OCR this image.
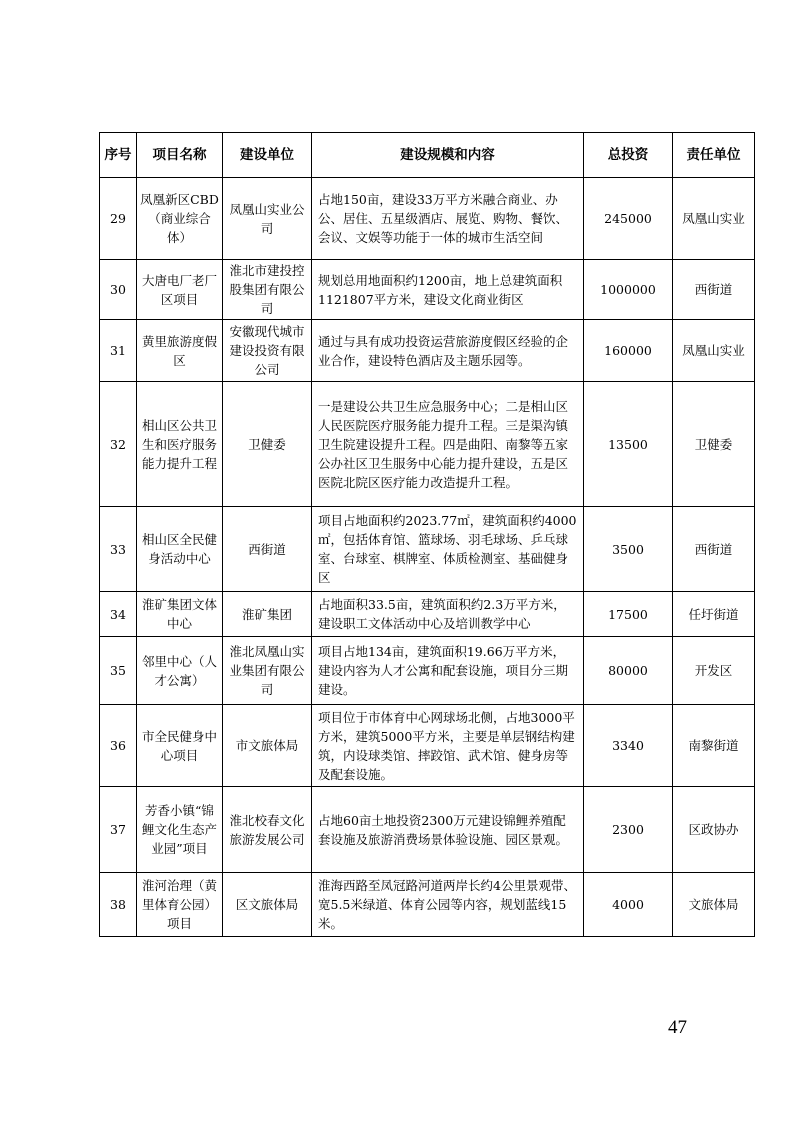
序号	项目名称	建设单位	建设规模和内容	总投资	责任单位
29	凤凰新区CBD（商业综合体）	凤凰山实业公司	占地150亩，建设33万平方米融合商业、办公、居住、五星级酒店、展览、购物、餐饮、会议、文娱等功能于一体的城市生活空间	245000	凤凰山实业
30	大唐电厂老厂区项目	淮北市建投控股集团有限公司	规划总用地面积约1200亩，地上总建筑面积1121807平方米，建设文化商业街区	1000000	西街道
31	黄里旅游度假区	安徽现代城市建设投资有限公司	通过与具有成功投资运营旅游度假区经验的企业合作，建设特色酒店及主题乐园等。	160000	凤凰山实业
32	相山区公共卫生和医疗服务能力提升工程	卫健委	一是建设公共卫生应急服务中心；二是相山区人民医院医疗服务能力提升工程。三是渠沟镇卫生院建设提升工程。四是曲阳、南黎等五家公办社区卫生服务中心能力提升建设，五是区医院北院区医疗能力改造提升工程。	13500	卫健委
33	相山区全民健身活动中心	西街道	项目占地面积约2023.77㎡，建筑面积约4000㎡，包括体育馆、篮球场、羽毛球场、乒乓球室、台球室、棋牌室、体质检测室、基础健身区	3500	西街道
34	淮矿集团文体中心	淮矿集团	占地面积33.5亩，建筑面积约2.3万平方米，建设职工文体活动中心及培训教学中心	17500	任圩街道
35	邻里中心（人才公寓）	淮北凤凰山实业集团有限公司	项目占地134亩，建筑面积19.66万平方米，建设内容为人才公寓和配套设施，项目分三期建设。	80000	开发区
36	市全民健身中心项目	市文旅体局	项目位于市体育中心网球场北侧，占地3000平方米，建筑5000平方米，主要是单层钢结构建筑，内设球类馆、摔跤馆、武术馆、健身房等及配套设施。	3340	南黎街道
37	芳香小镇“锦鲤文化生态产业园”项目	淮北校春文化旅游发展公司	占地60亩土地投资2300万元建设锦鲤养殖配套设施及旅游消费场景体验设施、园区景观。	2300	区政协办
38	淮河治理（黄里体育公园）项目	区文旅体局	淮海西路至凤冠路河道两岸长约4公里景观带、宽5.5米绿道、体育公园等内容，规划蓝线15米。	4000	文旅体局
47
